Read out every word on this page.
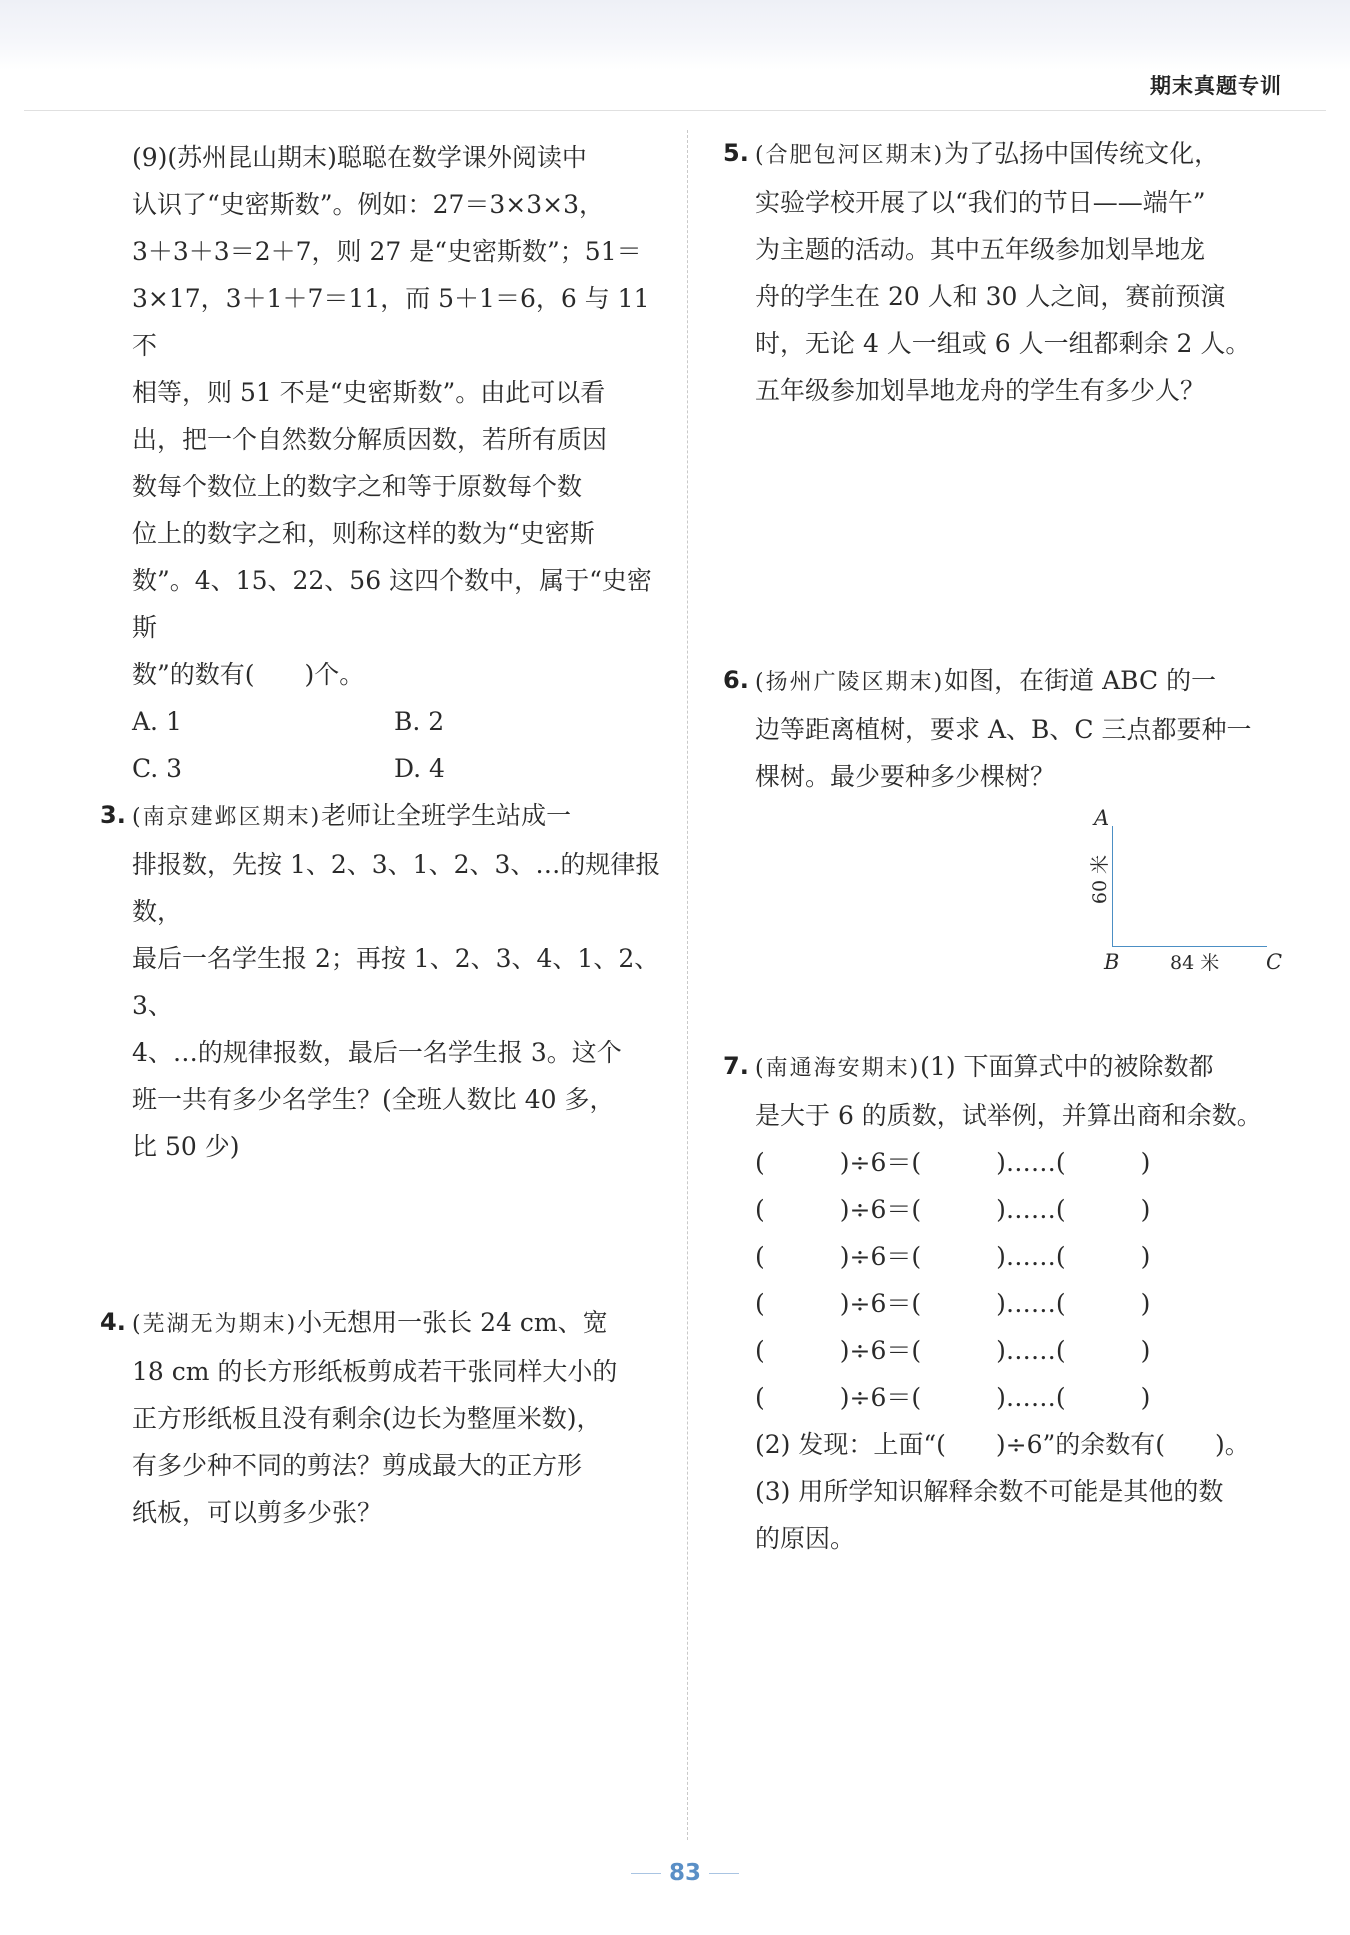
期末真题专训

(9)(苏州昆山期末)聪聪在数学课外阅读中

认识了“史密斯数”。例如：27＝3×3×3，

3＋3＋3＝2＋7，则 27 是“史密斯数”；51＝

3×17，3＋1＋7＝11，而 5＋1＝6，6 与 11 不

相等，则 51 不是“史密斯数”。由此可以看

出，把一个自然数分解质因数，若所有质因

数每个数位上的数字之和等于原数每个数

位上的数字之和，则称这样的数为“史密斯

数”。4、15、22、56 这四个数中，属于“史密斯

数”的数有(　　)个。

A. 1	B. 2
C. 3	D. 4
3. (南京建邺区期末)老师让全班学生站成一

排报数，先按 1、2、3、1、2、3、…的规律报数，

最后一名学生报 2；再按 1、2、3、4、1、2、3、

4、…的规律报数，最后一名学生报 3。这个

班一共有多少名学生？(全班人数比 40 多，

比 50 少)

4. (芜湖无为期末)小无想用一张长 24 cm、宽

18 cm 的长方形纸板剪成若干张同样大小的

正方形纸板且没有剩余(边长为整厘米数)，

有多少种不同的剪法？剪成最大的正方形

纸板，可以剪多少张？

5. (合肥包河区期末)为了弘扬中国传统文化，

实验学校开展了以“我们的节日——端午”

为主题的活动。其中五年级参加划旱地龙

舟的学生在 20 人和 30 人之间，赛前预演

时，无论 4 人一组或 6 人一组都剩余 2 人。

五年级参加划旱地龙舟的学生有多少人？

6. (扬州广陵区期末)如图，在街道 ABC 的一

边等距离植树，要求 A、B、C 三点都要种一

棵树。最少要种多少棵树？

A
60 米
B	84 米 C
7. (南通海安期末)(1) 下面算式中的被除数都

是大于 6 的质数，试举例，并算出商和余数。

(　　　)÷6＝(　　　)……(　　　)

(　　　)÷6＝(　　　)……(　　　)

(　　　)÷6＝(　　　)……(　　　)

(　　　)÷6＝(　　　)……(　　　)

(　　　)÷6＝(　　　)……(　　　)

(　　　)÷6＝(　　　)……(　　　)

(2) 发现：上面“(　　)÷6”的余数有(　　)。

(3) 用所学知识解释余数不可能是其他的数

的原因。

83
